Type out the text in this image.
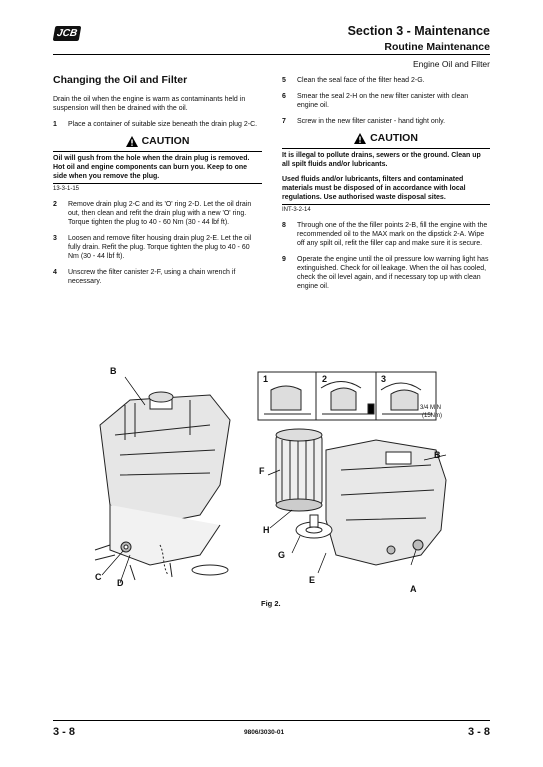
JCB	Section 3 - Maintenance
Routine Maintenance
Engine Oil and Filter
Changing the Oil and Filter

Drain the oil when the engine is warm as contaminants held in suspension will then be drained with the oil.

1	Place a container of suitable size beneath the drain plug 2-C.
CAUTION
Oil will gush from the hole when the drain plug is removed. Hot oil and engine components can burn you. Keep to one side when you remove the plug.
13-3-1-15
2	Remove drain plug 2-C and its 'O' ring 2-D. Let the oil drain out, then clean and refit the drain plug with a new 'O' ring. Torque tighten the plug to 40 - 60 Nm (30 - 44 lbf ft).
3	Loosen and remove filter housing drain plug 2-E. Let the oil fully drain. Refit the plug. Torque tighten the plug to 40 - 60 Nm (30 - 44 lbf ft).
4	Unscrew the filter canister 2-F, using a chain wrench if necessary.
5	Clean the seal face of the filter head 2-G.
6	Smear the seal 2-H on the new filter canister with clean engine oil.
7	Screw in the new filter canister - hand tight only.
CAUTION
It is illegal to pollute drains, sewers or the ground. Clean up all spilt fluids and/or lubricants.
Used fluids and/or lubricants, filters and contaminated materials must be disposed of in accordance with local regulations. Use authorised waste disposal sites.
INT-3-2-14
8	Through one of the the filler points 2-B, fill the engine with the recommended oil to the MAX mark on the dipstick 2-A. Wipe off any spilt oil, refit the filler cap and make sure it is secure.
9	Operate the engine until the oil pressure low warning light has extinguished. Check for oil leakage. When the oil has cooled, check the oil level again, and if necessary top up with clean engine oil.
B
C
D
1	2	3
3/4 MIN
(15Nm)
B
F
H
G
E
A
Fig 2.
3 - 8	9806/3030-01	3 - 8
